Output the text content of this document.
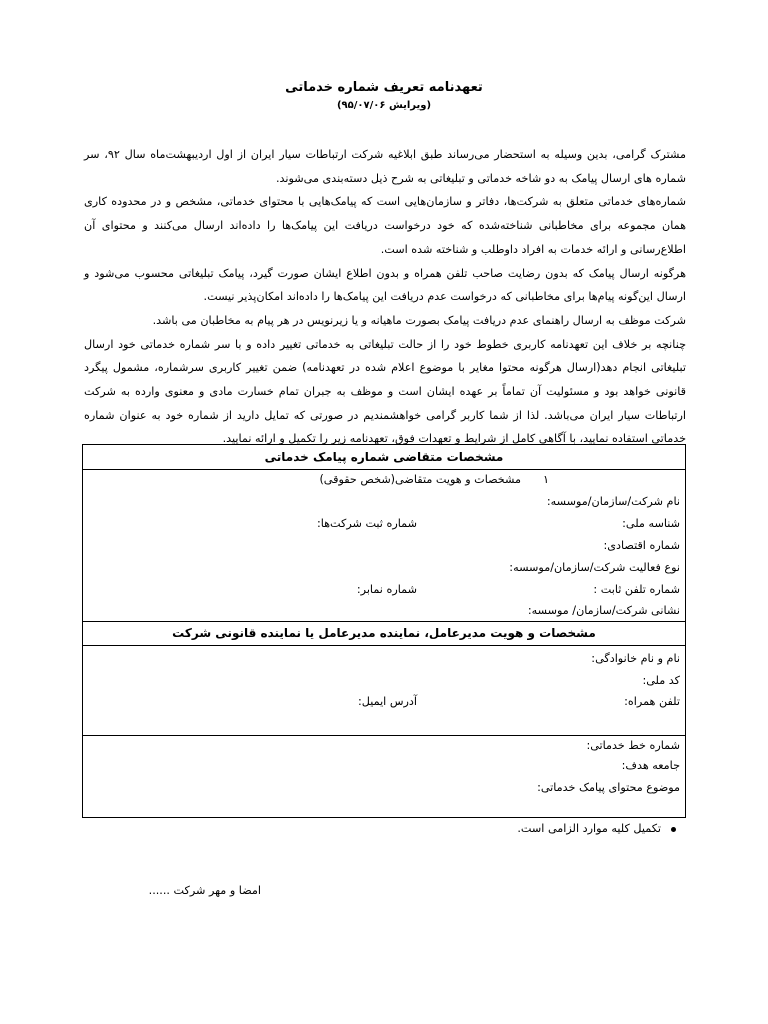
تعهدنامه تعریف شماره خدماتی
(ویرایش ۹۵/۰۷/۰۶)

مشترک گرامی، بدین وسیله به استحضار می‌رساند طبق ابلاغیه شرکت ارتباطات سیار ایران از اول اردیبهشت‌ماه سال ۹۲، سر شماره های ارسال پیامک به دو شاخه خدماتی و تبلیغاتی به شرح ذیل دسته‌بندی می‌شوند.

شماره‌های خدماتی متعلق به شرکت‌ها، دفاتر و سازمان‌هایی است که پیامک‌هایی با محتوای خدماتی، مشخص و در محدوده کاری همان مجموعه برای مخاطبانی شناخته‌شده که خود درخواست دریافت این پیامک‌ها را داده‌اند ارسال می‌کنند و محتوای آن اطلاع‌رسانی و ارائه خدمات به افراد داوطلب و شناخته شده است.

هرگونه ارسال پیامک که بدون رضایت صاحب تلفن همراه و بدون اطلاع ایشان صورت گیرد، پیامک تبلیغاتی محسوب می‌شود و ارسال این‌گونه پیام‌ها برای مخاطبانی که درخواست عدم دریافت این پیامک‌ها را داده‌اند امکان‌پذیر نیست.

شرکت موظف به ارسال راهنمای عدم دریافت پیامک بصورت ماهیانه و یا زیرنویس در هر پیام به مخاطبان می باشد.

چنانچه بر خلاف این تعهدنامه کاربری خطوط خود را از حالت تبلیغاتی به خدماتی تغییر داده و با سر شماره خدماتی خود ارسال تبلیغاتی انجام دهد(ارسال هرگونه محتوا مغایر با موضوع اعلام شده در تعهدنامه) ضمن تغییر کاربری سرشماره، مشمول پیگرد قانونی خواهد بود و مسئولیت آن تماماً بر عهده ایشان است و موظف به جبران تمام خسارت مادی و معنوی وارده به شرکت ارتباطات سیار ایران می‌باشد. لذا از شما کاربر گرامی خواهشمندیم در صورتی که تمایل دارید از شماره خود به عنوان شماره خدماتی استفاده نمایید، با آگاهی کامل از شرایط و تعهدات فوق، تعهدنامه زیر را تکمیل و ارائه نمایید.

مشخصات متقاضی شماره پیامک خدماتی
۱
مشخصات و هویت متقاضی(شخص حقوقی)
نام شرکت/سازمان/موسسه:
شناسه ملی:
شماره ثبت شرکت‌ها:
شماره اقتصادی:
نوع فعالیت شرکت/سازمان/موسسه:
شماره تلفن ثابت :
شماره نمابر:
نشانی شرکت/سازمان/ موسسه:
مشخصات و هویت مدیرعامل، نماینده مدیرعامل یا نماینده قانونی شرکت
نام و نام خانوادگی:
کد ملی:
تلفن همراه:
آدرس ایمیل:
شماره خط خدماتی:
جامعه هدف:
موضوع محتوای پیامک خدماتی:
تکمیل کلیه موارد الزامی است.
امضا و مهر شرکت ......
